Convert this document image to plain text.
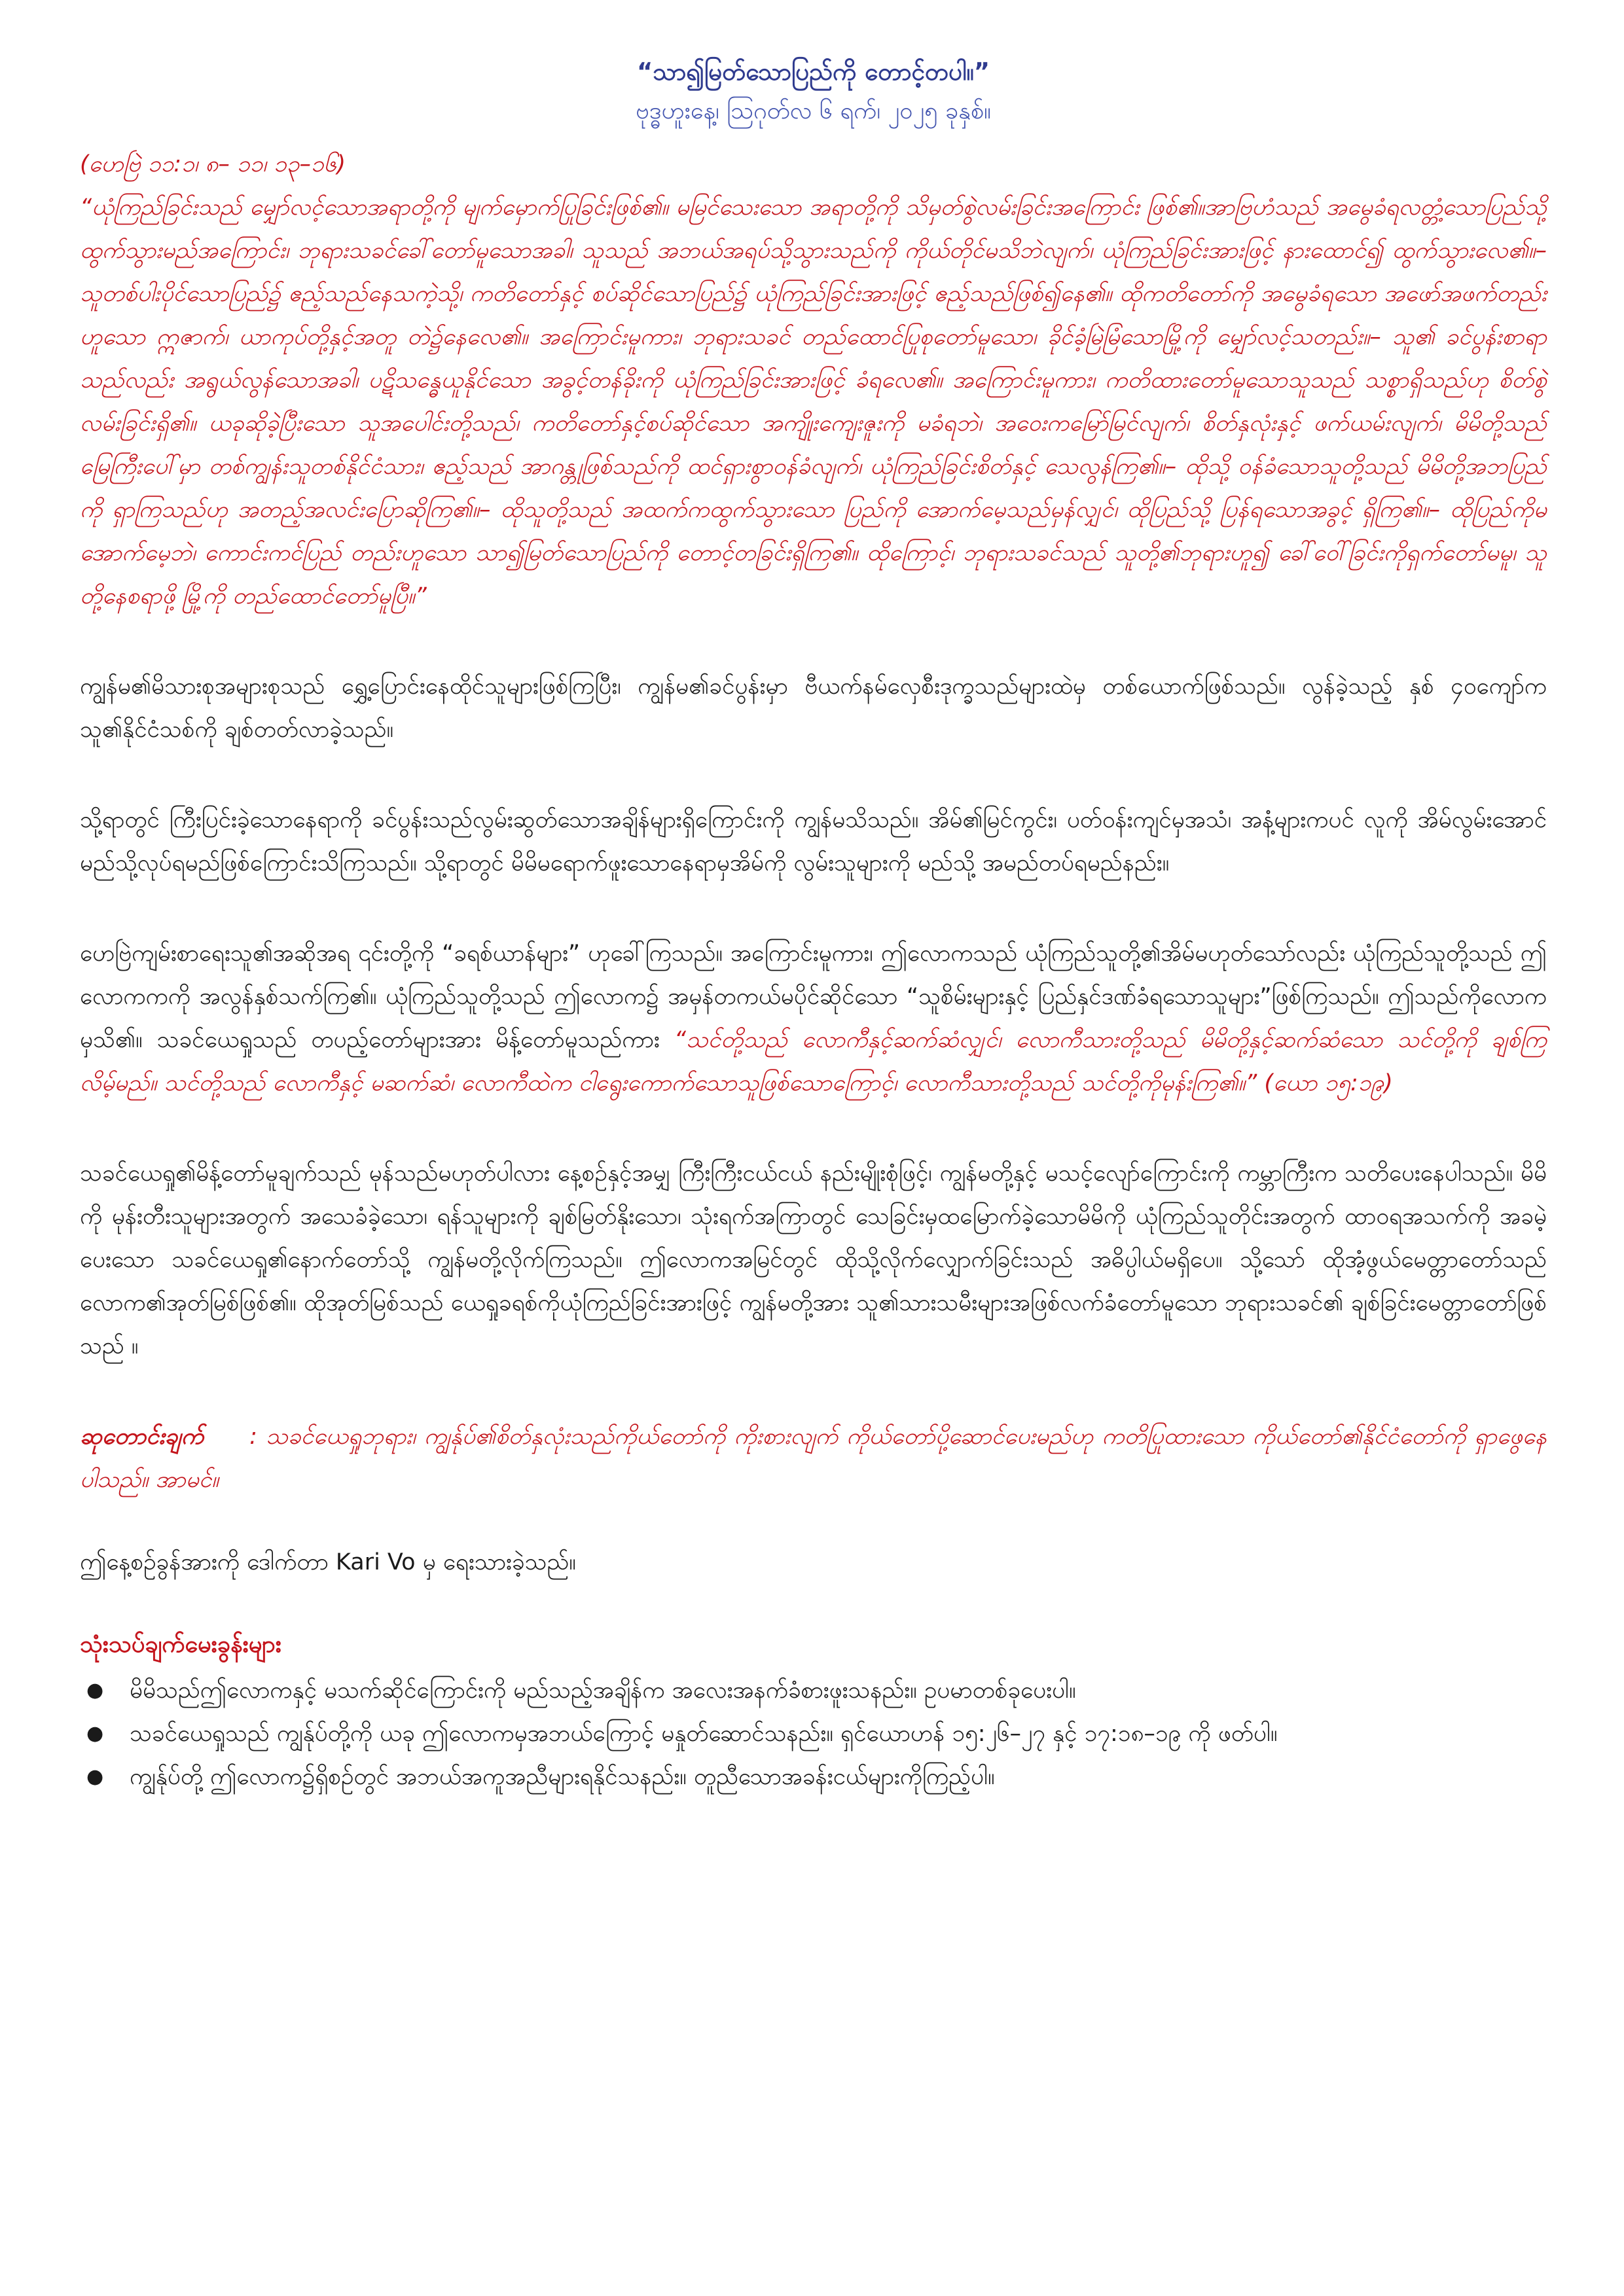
“သာ၍မြတ်သောပြည်ကို တောင့်တပါ။”

ဗုဒ္ဓဟူးနေ့၊ ဩဂုတ်လ ၆ ရက်၊ ၂၀၂၅ ခုနှစ်။

(ဟေဗြဲ ၁၁:၁၊ ၈– ၁၁၊ ၁၃–၁၆)

“ယုံကြည်ခြင်းသည် မျှော်လင့်သောအရာတို့ကို မျက်မှောက်ပြုခြင်းဖြစ်၏။ မမြင်သေးသော အရာတို့ကို သိမှတ်စွဲလမ်းခြင်းအကြောင်း ဖြစ်၏။အာဗြဟံသည် အမွေခံရလတ္တံ့သောပြည်သို့ ထွက်သွားမည်အကြောင်း၊ ဘုရားသခင်ခေါ်တော်မူသောအခါ၊ သူသည် အဘယ်အရပ်သို့သွားသည်ကို ကိုယ်တိုင်မသိဘဲလျက်၊ ယုံကြည်ခြင်းအားဖြင့် နားထောင်၍ ထွက်သွားလေ၏။– သူတစ်ပါးပိုင်သောပြည်၌ ဧည့်သည်နေသကဲ့သို့၊ ကတိတော်နှင့် စပ်ဆိုင်သောပြည်၌ ယုံကြည်ခြင်းအားဖြင့် ဧည့်သည်ဖြစ်၍နေ၏။ ထိုကတိတော်ကို အမွေခံရသော အဖော်အဖက်တည်းဟူသော ဣဇာက်၊ ယာကုပ်တို့နှင့်အတူ တဲ၌နေလေ၏။ အကြောင်းမူကား၊ ဘုရားသခင် တည်ထောင်ပြုစုတော်မူသော၊ ခိုင်ခံ့မြဲမြံသောမြို့ကို မျှော်လင့်သတည်း။– သူ၏ ခင်ပွန်းစာရာသည်လည်း အရွယ်လွန်သောအခါ၊ ပဋိသန္ဓေယူနိုင်သော အခွင့်တန်ခိုးကို ယုံကြည်ခြင်းအားဖြင့် ခံရလေ၏။ အကြောင်းမူကား၊ ကတိထားတော်မူသောသူသည် သစ္စာရှိသည်ဟု စိတ်စွဲလမ်းခြင်းရှိ၏။ ယခုဆိုခဲ့ပြီးသော သူအပေါင်းတို့သည်၊ ကတိတော်နှင့်စပ်ဆိုင်သော အကျိုးကျေးဇူးကို မခံရဘဲ၊ အဝေးကမြော်မြင်လျက်၊ စိတ်နှလုံးနှင့် ဖက်ယမ်းလျက်၊ မိမိတို့သည် မြေကြီးပေါ်မှာ တစ်ကျွန်းသူတစ်နိုင်ငံသား၊ ဧည့်သည် အာဂန္တုဖြစ်သည်ကို ထင်ရှားစွာဝန်ခံလျက်၊ ယုံကြည်ခြင်းစိတ်နှင့် သေလွန်ကြ၏။– ထိုသို့ ဝန်ခံသောသူတို့သည် မိမိတို့အဘပြည်ကို ရှာကြသည်ဟု အတည့်အလင်းပြောဆိုကြ၏။– ထိုသူတို့သည် အထက်ကထွက်သွားသော ပြည်ကို အောက်မေ့သည်မှန်လျှင်၊ ထိုပြည်သို့ ပြန်ရသောအခွင့် ရှိကြ၏။– ထိုပြည်ကိုမအောက်မေ့ဘဲ၊ ကောင်းကင်ပြည် တည်းဟူသော သာ၍မြတ်သောပြည်ကို တောင့်တခြင်းရှိကြ၏။ ထိုကြောင့်၊ ဘုရားသခင်သည် သူတို့၏ဘုရားဟူ၍ ခေါ်ဝေါ်ခြင်းကိုရှက်တော်မမူ၊ သူတို့နေစရာဖို့ မြို့ကို တည်ထောင်တော်မူပြီ။”

ကျွန်မ၏မိသားစုအများစုသည် ရွှေ့ပြောင်းနေထိုင်သူများဖြစ်ကြပြီး၊ ကျွန်မ၏ခင်ပွန်းမှာ ဗီယက်နမ်လှေစီးဒုက္ခသည်များထဲမှ တစ်ယောက်ဖြစ်သည်။ လွန်ခဲ့သည့် နှစ် ၄၀ကျော်က သူ၏နိုင်ငံသစ်ကို ချစ်တတ်လာခဲ့သည်။

သို့ရာတွင် ကြီးပြင်းခဲ့သောနေရာကို ခင်ပွန်းသည်လွမ်းဆွတ်သောအချိန်များရှိကြောင်းကို ကျွန်မသိသည်။ အိမ်၏မြင်ကွင်း၊ ပတ်ဝန်းကျင်မှအသံ၊ အနံ့များကပင် လူကို အိမ်လွမ်းအောင် မည်သို့လုပ်ရမည်ဖြစ်ကြောင်းသိကြသည်။ သို့ရာတွင် မိမိမရောက်ဖူးသောနေရာမှအိမ်ကို လွမ်းသူများကို မည်သို့ အမည်တပ်ရမည်နည်း။

ဟေဗြဲကျမ်းစာရေးသူ၏အဆိုအရ ၎င်းတို့ကို “ခရစ်ယာန်များ” ဟုခေါ်ကြသည်။ အကြောင်းမူကား၊ ဤလောကသည် ယုံကြည်သူတို့၏အိမ်မဟုတ်သော်လည်း ယုံကြည်သူတို့သည် ဤလောကကကို အလွန်နှစ်သက်ကြ၏။ ယုံကြည်သူတို့သည် ဤလောက၌ အမှန်တကယ်မပိုင်ဆိုင်သော “သူစိမ်းများနှင့် ပြည်နှင်ဒဏ်ခံရသောသူများ”ဖြစ်ကြသည်။ ဤသည်ကိုလောကမှသိ၏။ သခင်ယေရှုသည် တပည့်တော်များအား မိန့်တော်မူသည်ကား “သင်တို့သည် လောကီနှင့်ဆက်ဆံလျှင်၊ လောကီသားတို့သည် မိမိတို့နှင့်ဆက်ဆံသော သင်တို့ကို ချစ်ကြလိမ့်မည်။ သင်တို့သည် လောကီနှင့် မဆက်ဆံ၊ လောကီထဲက ငါရွေးကောက်သောသူဖြစ်သောကြောင့်၊ လောကီသားတို့သည် သင်တို့ကိုမုန်းကြ၏။” (ယော ၁၅:၁၉)

သခင်ယေရှု၏မိန့်တော်မူချက်သည် မုန်သည်မဟုတ်ပါလား နေ့စဉ်နှင့်အမျှ ကြီးကြီးငယ်ငယ် နည်းမျိုးစုံဖြင့်၊ ကျွန်မတို့နှင့် မသင့်လျော်ကြောင်းကို ကမ္ဘာကြီးက သတိပေးနေပါသည်။ မိမိကို မုန်းတီးသူများအတွက် အသေခံခဲ့သော၊ ရန်သူများကို ချစ်မြတ်နိုးသော၊ သုံးရက်အကြာတွင် သေခြင်းမှထမြောက်ခဲ့သောမိမိကို ယုံကြည်သူတိုင်းအတွက် ထာဝရအသက်ကို အခမဲ့ပေးသော သခင်ယေရှု၏နောက်တော်သို့ ကျွန်မတို့လိုက်ကြသည်။ ဤလောကအမြင်တွင် ထိုသို့လိုက်လျှောက်ခြင်းသည် အဓိပ္ပါယ်မရှိပေ။ သို့သော် ထိုအံ့ဖွယ်မေတ္တာတော်သည် လောက၏အုတ်မြစ်ဖြစ်၏။ ထိုအုတ်မြစ်သည် ယေရှုခရစ်ကိုယုံကြည်ခြင်းအားဖြင့် ကျွန်မတို့အား သူ၏သားသမီးများအဖြစ်လက်ခံတော်မူသော ဘုရားသခင်၏ ချစ်ခြင်းမေတ္တာတော်ဖြစ်သည် ။

ဆုတောင်းချက် : သခင်ယေရှုဘုရား၊ ကျွန်ုပ်၏စိတ်နှလုံးသည်ကိုယ်တော်ကို ကိုးစားလျက် ကိုယ်တော်ပို့ဆောင်ပေးမည်ဟု ကတိပြုထားသော ကိုယ်တော်၏နိုင်ငံတော်ကို ရှာဖွေနေပါသည်။ အာမင်။

ဤနေ့စဉ်ခွန်အားကို ဒေါက်တာ Kari Vo မှ ရေးသားခဲ့သည်။

သုံးသပ်ချက်မေးခွန်းများ
● မိမိသည်ဤလောကနှင့် မသက်ဆိုင်ကြောင်းကို မည်သည့်အချိန်က အလေးအနက်ခံစားဖူးသနည်း။ ဥပမာတစ်ခုပေးပါ။
● သခင်ယေရှုသည် ကျွန်ုပ်တို့ကို ယခု ဤလောကမှအဘယ်ကြောင့် မနှုတ်ဆောင်သနည်း။ ရှင်ယောဟန် ၁၅:၂၆–၂၇ နှင့် ၁၇:၁၈–၁၉ ကို ဖတ်ပါ။
● ကျွန်ုပ်တို့ ဤလောက၌ရှိစဉ်တွင် အဘယ်အကူအညီများရနိုင်သနည်း။ တူညီသောအခန်းငယ်များကိုကြည့်ပါ။
